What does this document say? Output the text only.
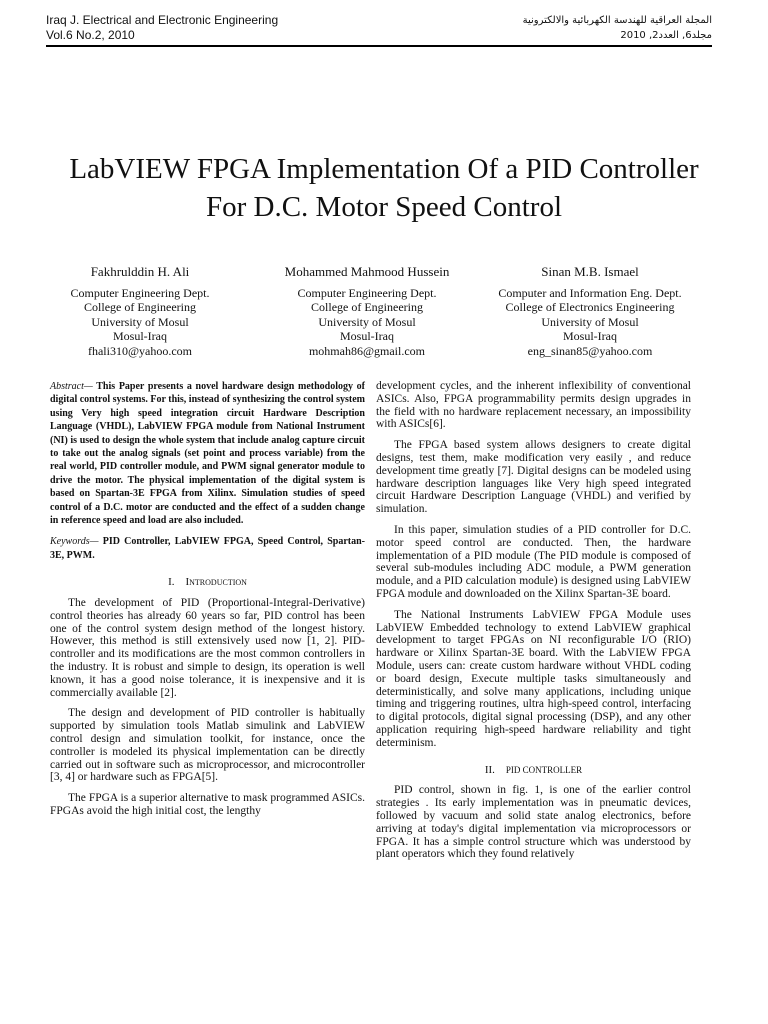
Iraq J. Electrical and Electronic Engineering
Vol.6 No.2, 2010
المجلة العراقية للهندسة الكهربائية والالكترونية
مجلد6, العدد2, 2010
LabVIEW FPGA Implementation Of a PID Controller
For D.C. Motor Speed Control
Fakhrulddin H. Ali
Computer Engineering Dept.
College of Engineering
University of Mosul
Mosul-Iraq
fhali310@yahoo.com
Mohammed Mahmood Hussein
Computer Engineering Dept.
College of Engineering
University of Mosul
Mosul-Iraq
mohmah86@gmail.com
Sinan M.B. Ismael
Computer and Information Eng. Dept.
College of Electronics Engineering
University of Mosul
Mosul-Iraq
eng_sinan85@yahoo.com

Abstract— This Paper presents a novel hardware design methodology of digital control systems. For this, instead of synthesizing the control system using Very high speed integration circuit Hardware Description Language (VHDL), LabVIEW FPGA module from National Instrument (NI) is used to design the whole system that include analog capture circuit to take out the analog signals (set point and process variable) from the real world, PID controller module, and PWM signal generator module to drive the motor. The physical implementation of the digital system is based on Spartan-3E FPGA from Xilinx. Simulation studies of speed control of a D.C. motor are conducted and the effect of a sudden change in reference speed and load are also included.

Keywords— PID Controller, LabVIEW FPGA, Speed Control, Spartan-3E, PWM.

I. Introduction

The development of PID (Proportional-Integral-Derivative) control theories has already 60 years so far, PID control has been one of the control system design method of the longest history. However, this method is still extensively used now [1, 2]. PID-controller and its modifications are the most common controllers in the industry. It is robust and simple to design, its operation is well known, it has a good noise tolerance, it is inexpensive and it is commercially available [2].

The design and development of PID controller is habitually supported by simulation tools Matlab simulink and LabVIEW control design and simulation toolkit, for instance, once the controller is modeled its physical implementation can be directly carried out in software such as microprocessor, and microcontroller [3, 4] or hardware such as FPGA[5].

The FPGA is a superior alternative to mask programmed ASICs. FPGAs avoid the high initial cost, the lengthy

development cycles, and the inherent inflexibility of conventional ASICs. Also, FPGA programmability permits design upgrades in the field with no hardware replacement necessary, an impossibility with ASICs[6].

The FPGA based system allows designers to create digital designs, test them, make modification very easily , and reduce development time greatly [7]. Digital designs can be modeled using hardware description languages like Very high speed integrated circuit Hardware Description Language (VHDL) and verified by simulation.

In this paper, simulation studies of a PID controller for D.C. motor speed control are conducted. Then, the hardware implementation of a PID module (The PID module is composed of several sub-modules including ADC module, a PWM generation module, and a PID calculation module) is designed using LabVIEW FPGA module and downloaded on the Xilinx Spartan-3E board.

The National Instruments LabVIEW FPGA Module uses LabVIEW Embedded technology to extend LabVIEW graphical development to target FPGAs on NI reconfigurable I/O (RIO) hardware or Xilinx Spartan-3E board. With the LabVIEW FPGA Module, users can: create custom hardware without VHDL coding or board design, Execute multiple tasks simultaneously and deterministically, and solve many applications, including unique timing and triggering routines, ultra high-speed control, interfacing to digital protocols, digital signal processing (DSP), and any other application requiring high-speed hardware reliability and tight determinism.

II. PID CONTROLLER

PID control, shown in fig. 1, is one of the earlier control strategies . Its early implementation was in pneumatic devices, followed by vacuum and solid state analog electronics, before arriving at today's digital implementation via microprocessors or FPGA. It has a simple control structure which was understood by plant operators which they found relatively
